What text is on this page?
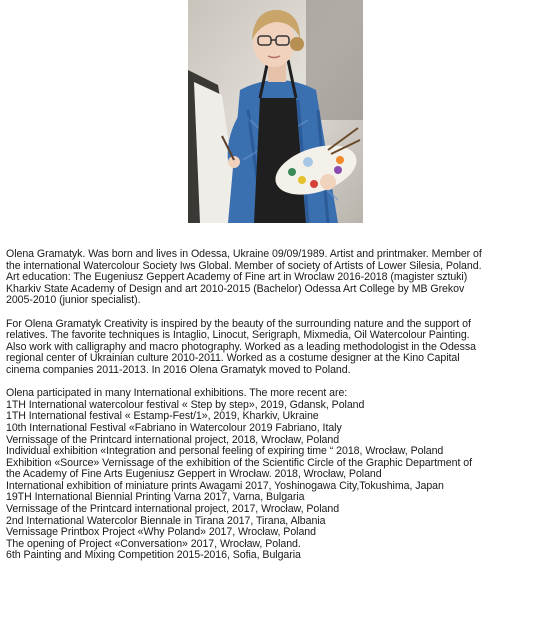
Olena Gramatyk. Was born and lives in Odessa, Ukraine 09/09/1989. Artist and printmaker. Member of
the international Watercolour Society Iws Global. Member of society of Artists of Lower Silesia, Poland.
Art education: The Eugeniusz Geppert Academy of Fine art in Wroclaw 2016-2018 (magister sztuki)
Kharkiv State Academy of Design and art 2010-2015 (Bachelor) Odessa Art College by MB Grekov
2005-2010 (junior specialist).

For Olena Gramatyk Creativity is inspired by the beauty of the surrounding nature and the support of
relatives. The favorite techniques is Intaglio, Linocut, Serigraph, Mixmedia, Oil Watercolour Painting.
Also work with calligraphy and macro photography. Worked as a leading methodologist in the Odessa
regional center of Ukrainian culture 2010-2011. Worked as a costume designer at the Kino Capital
cinema companies 2011-2013. In 2016 Olena Gramatyk moved to Poland.

Olena participated in many International exhibitions. The more recent are:
1TH International watercolour festival « Step by step», 2019, Gdansk, Poland
1TH International festival « Estamp-Fest/1», 2019, Kharkiv, Ukraine
10th International Festival «Fabriano in Watercolour 2019 Fabriano, Italy
Vernissage of the Printcard international project, 2018, Wrocław, Poland
Individual exhibition «Integration and personal feeling of expiring time “ 2018, Wrocław, Poland
Exhibition «Source» Vernissage of the exhibition of the Scientific Circle of the Graphic Department of
the Academy of Fine Arts Eugeniusz Geppert in Wrocław. 2018, Wrocław, Poland
International exhibition of miniature prints Awagami 2017, Yoshinogawa City,Tokushima, Japan
19TH International Biennial Printing Varna 2017, Varna, Bulgaria
Vernissage of the Printcard international project, 2017, Wrocław, Poland
2nd International Watercolor Biennale in Tirana 2017, Tirana, Albania
Vernissage Printbox Project «Why Poland» 2017, Wrocław, Poland
The opening of Project «Conversation» 2017, Wrocław, Poland.
6th Painting and Mixing Competition 2015-2016, Sofia, Bulgaria
